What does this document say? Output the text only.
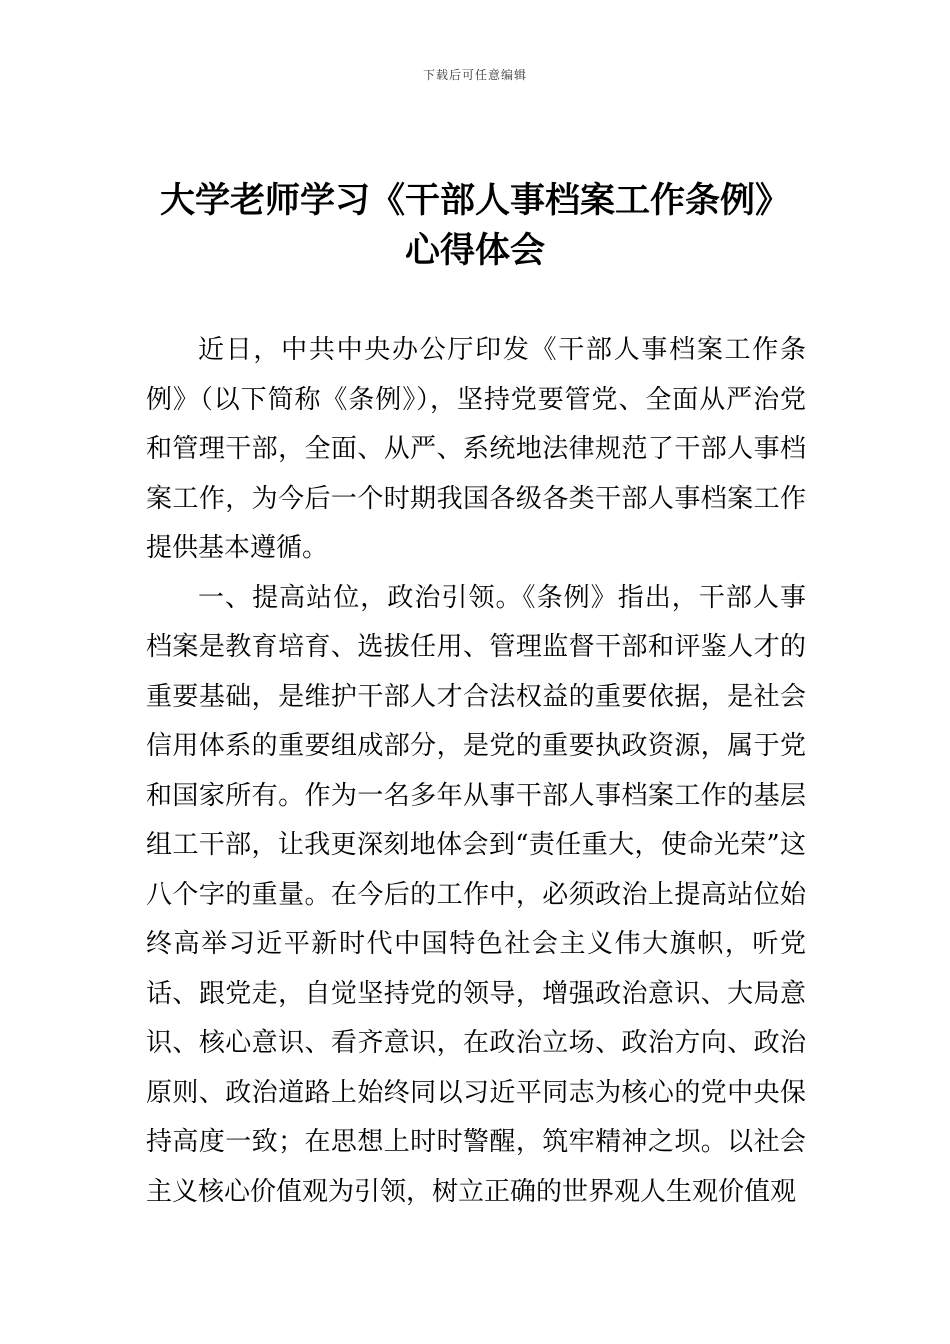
下载后可任意编辑
大学老师学习《干部人事档案工作条例》
心得体会

近日，中共中央办公厅印发《干部人事档案工作条例》（以下简称《条例》），坚持党要管党、全面从严治党和管理干部，全面、从严、系统地法律规范了干部人事档案工作，为今后一个时期我国各级各类干部人事档案工作提供基本遵循。

一、提高站位，政治引领。《条例》指出，干部人事档案是教育培育、选拔任用、管理监督干部和评鉴人才的重要基础，是维护干部人才合法权益的重要依据，是社会信用体系的重要组成部分，是党的重要执政资源，属于党和国家所有。作为一名多年从事干部人事档案工作的基层组工干部，让我更深刻地体会到“责任重大，使命光荣”这八个字的重量。在今后的工作中，必须政治上提高站位始终高举习近平新时代中国特色社会主义伟大旗帜，听党话、跟党走，自觉坚持党的领导，增强政治意识、大局意识、核心意识、看齐意识，在政治立场、政治方向、政治原则、政治道路上始终同以习近平同志为核心的党中央保持高度一致；在思想上时时警醒，筑牢精神之坝。以社会主义核心价值观为引领，树立正确的世界观人生观价值观
